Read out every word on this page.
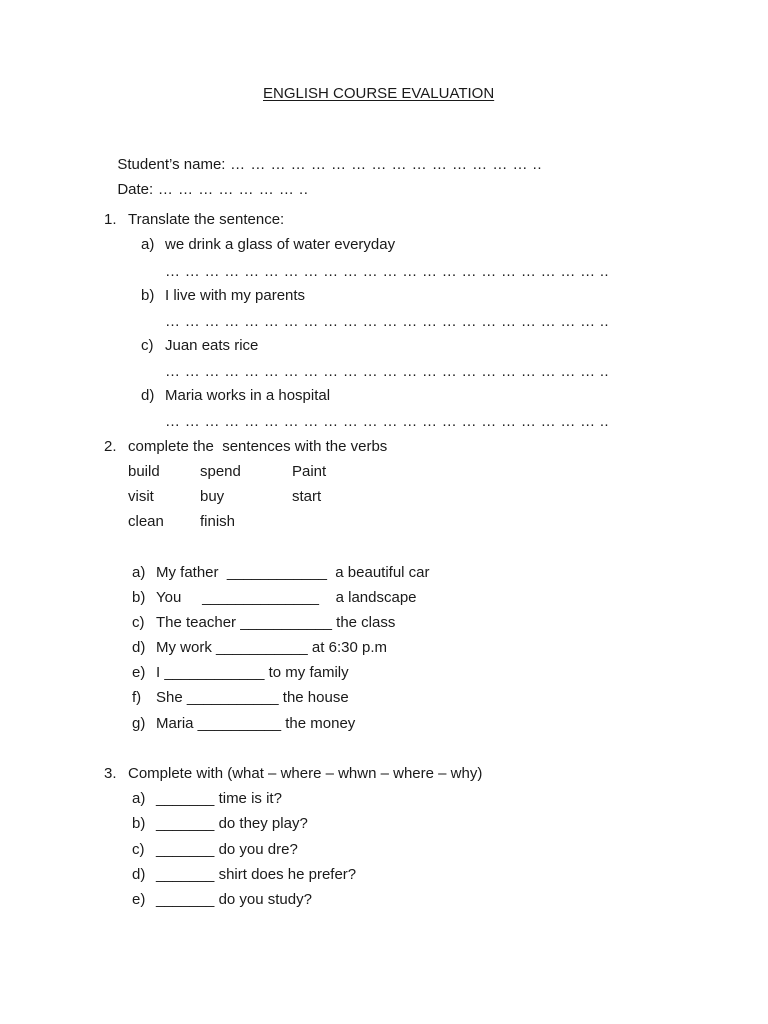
ENGLISH COURSE EVALUATION

Student’s name: … … … … … … … … … … … … … … … ..

Date: … … … … … … … ..

1. Translate the sentence:
a) we drink a glass of water everyday
… … … … … … … … … … … … … … … … … … … … … … ..
b) I live with my parents
… … … … … … … … … … … … … … … … … … … … … … ..
c) Juan eats rice
… … … … … … … … … … … … … … … … … … … … … … ..
d) Maria works in a hospital
… … … … … … … … … … … … … … … … … … … … … … ..
2. complete the  sentences with the verbs
build	spend	Paint
visit	buy	start
clean finish
a) My father  ____________  a beautiful car
b) You     ______________    a landscape
c) The teacher ___________ the class
d) My work ___________ at 6:30 p.m
e) I ____________ to my family
f) She ___________ the house
g) Maria __________ the money
3. Complete with (what – where – whwn – where – why)
a) _______ time is it?
b) _______ do they play?
c) _______ do you dre?
d) _______ shirt does he prefer?
e) _______ do you study?
